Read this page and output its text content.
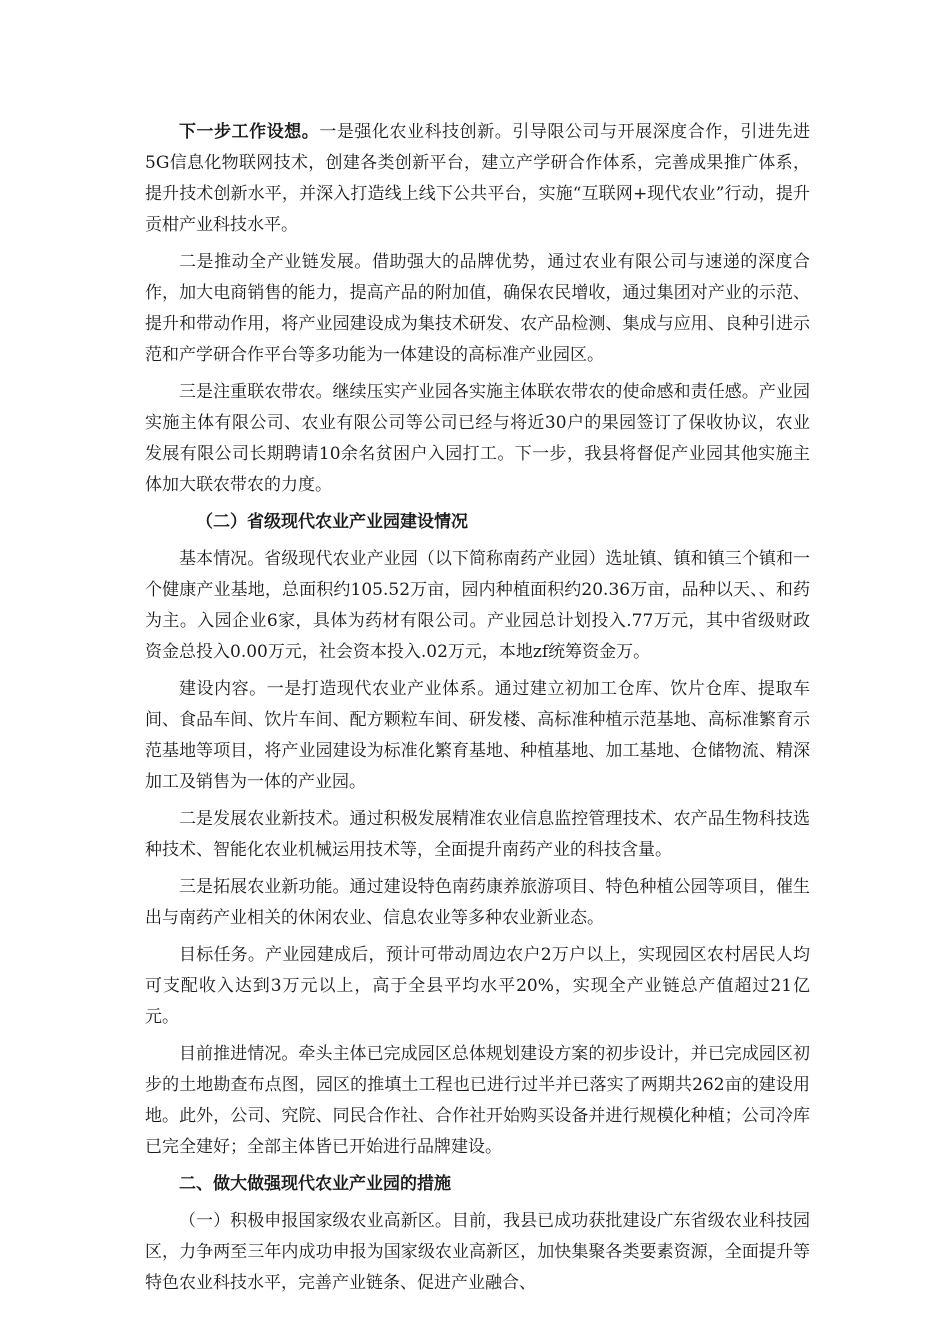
下一步工作设想。一是强化农业科技创新。引导限公司与开展深度合作，引进先进5G信息化物联网技术，创建各类创新平台，建立产学研合作体系，完善成果推广体系，提升技术创新水平，并深入打造线上线下公共平台，实施“互联网+现代农业”行动，提升贡柑产业科技水平。

二是推动全产业链发展。借助强大的品牌优势，通过农业有限公司与速递的深度合作，加大电商销售的能力，提高产品的附加值，确保农民增收，通过集团对产业的示范、提升和带动作用，将产业园建设成为集技术研发、农产品检测、集成与应用、良种引进示范和产学研合作平台等多功能为一体建设的高标准产业园区。

三是注重联农带农。继续压实产业园各实施主体联农带农的使命感和责任感。产业园实施主体有限公司、农业有限公司等公司已经与将近30户的果园签订了保收协议，农业发展有限公司长期聘请10余名贫困户入园打工。下一步，我县将督促产业园其他实施主体加大联农带农的力度。

（二）省级现代农业产业园建设情况

基本情况。省级现代农业产业园（以下简称南药产业园）选址镇、镇和镇三个镇和一个健康产业基地，总面积约105.52万亩，园内种植面积约20.36万亩，品种以天、、和药为主。入园企业6家，具体为药材有限公司。产业园总计划投入.77万元，其中省级财政资金总投入0.00万元，社会资本投入.02万元，本地zf统筹资金万。

建设内容。一是打造现代农业产业体系。通过建立初加工仓库、饮片仓库、提取车间、食品车间、饮片车间、配方颗粒车间、研发楼、高标准种植示范基地、高标准繁育示范基地等项目，将产业园建设为标准化繁育基地、种植基地、加工基地、仓储物流、精深加工及销售为一体的产业园。

二是发展农业新技术。通过积极发展精准农业信息监控管理技术、农产品生物科技选种技术、智能化农业机械运用技术等，全面提升南药产业的科技含量。

三是拓展农业新功能。通过建设特色南药康养旅游项目、特色种植公园等项目，催生出与南药产业相关的休闲农业、信息农业等多种农业新业态。

目标任务。产业园建成后，预计可带动周边农户2万户以上，实现园区农村居民人均可支配收入达到3万元以上，高于全县平均水平20%，实现全产业链总产值超过21亿元。

目前推进情况。牵头主体已完成园区总体规划建设方案的初步设计，并已完成园区初步的土地勘查布点图，园区的推填土工程也已进行过半并已落实了两期共262亩的建设用地。此外，公司、究院、同民合作社、合作社开始购买设备并进行规模化种植；公司冷库已完全建好；全部主体皆已开始进行品牌建设。

二、做大做强现代农业产业园的措施

（一）积极申报国家级农业高新区。目前，我县已成功获批建设广东省级农业科技园区，力争两至三年内成功申报为国家级农业高新区，加快集聚各类要素资源，全面提升等特色农业科技水平，完善产业链条、促进产业融合、
